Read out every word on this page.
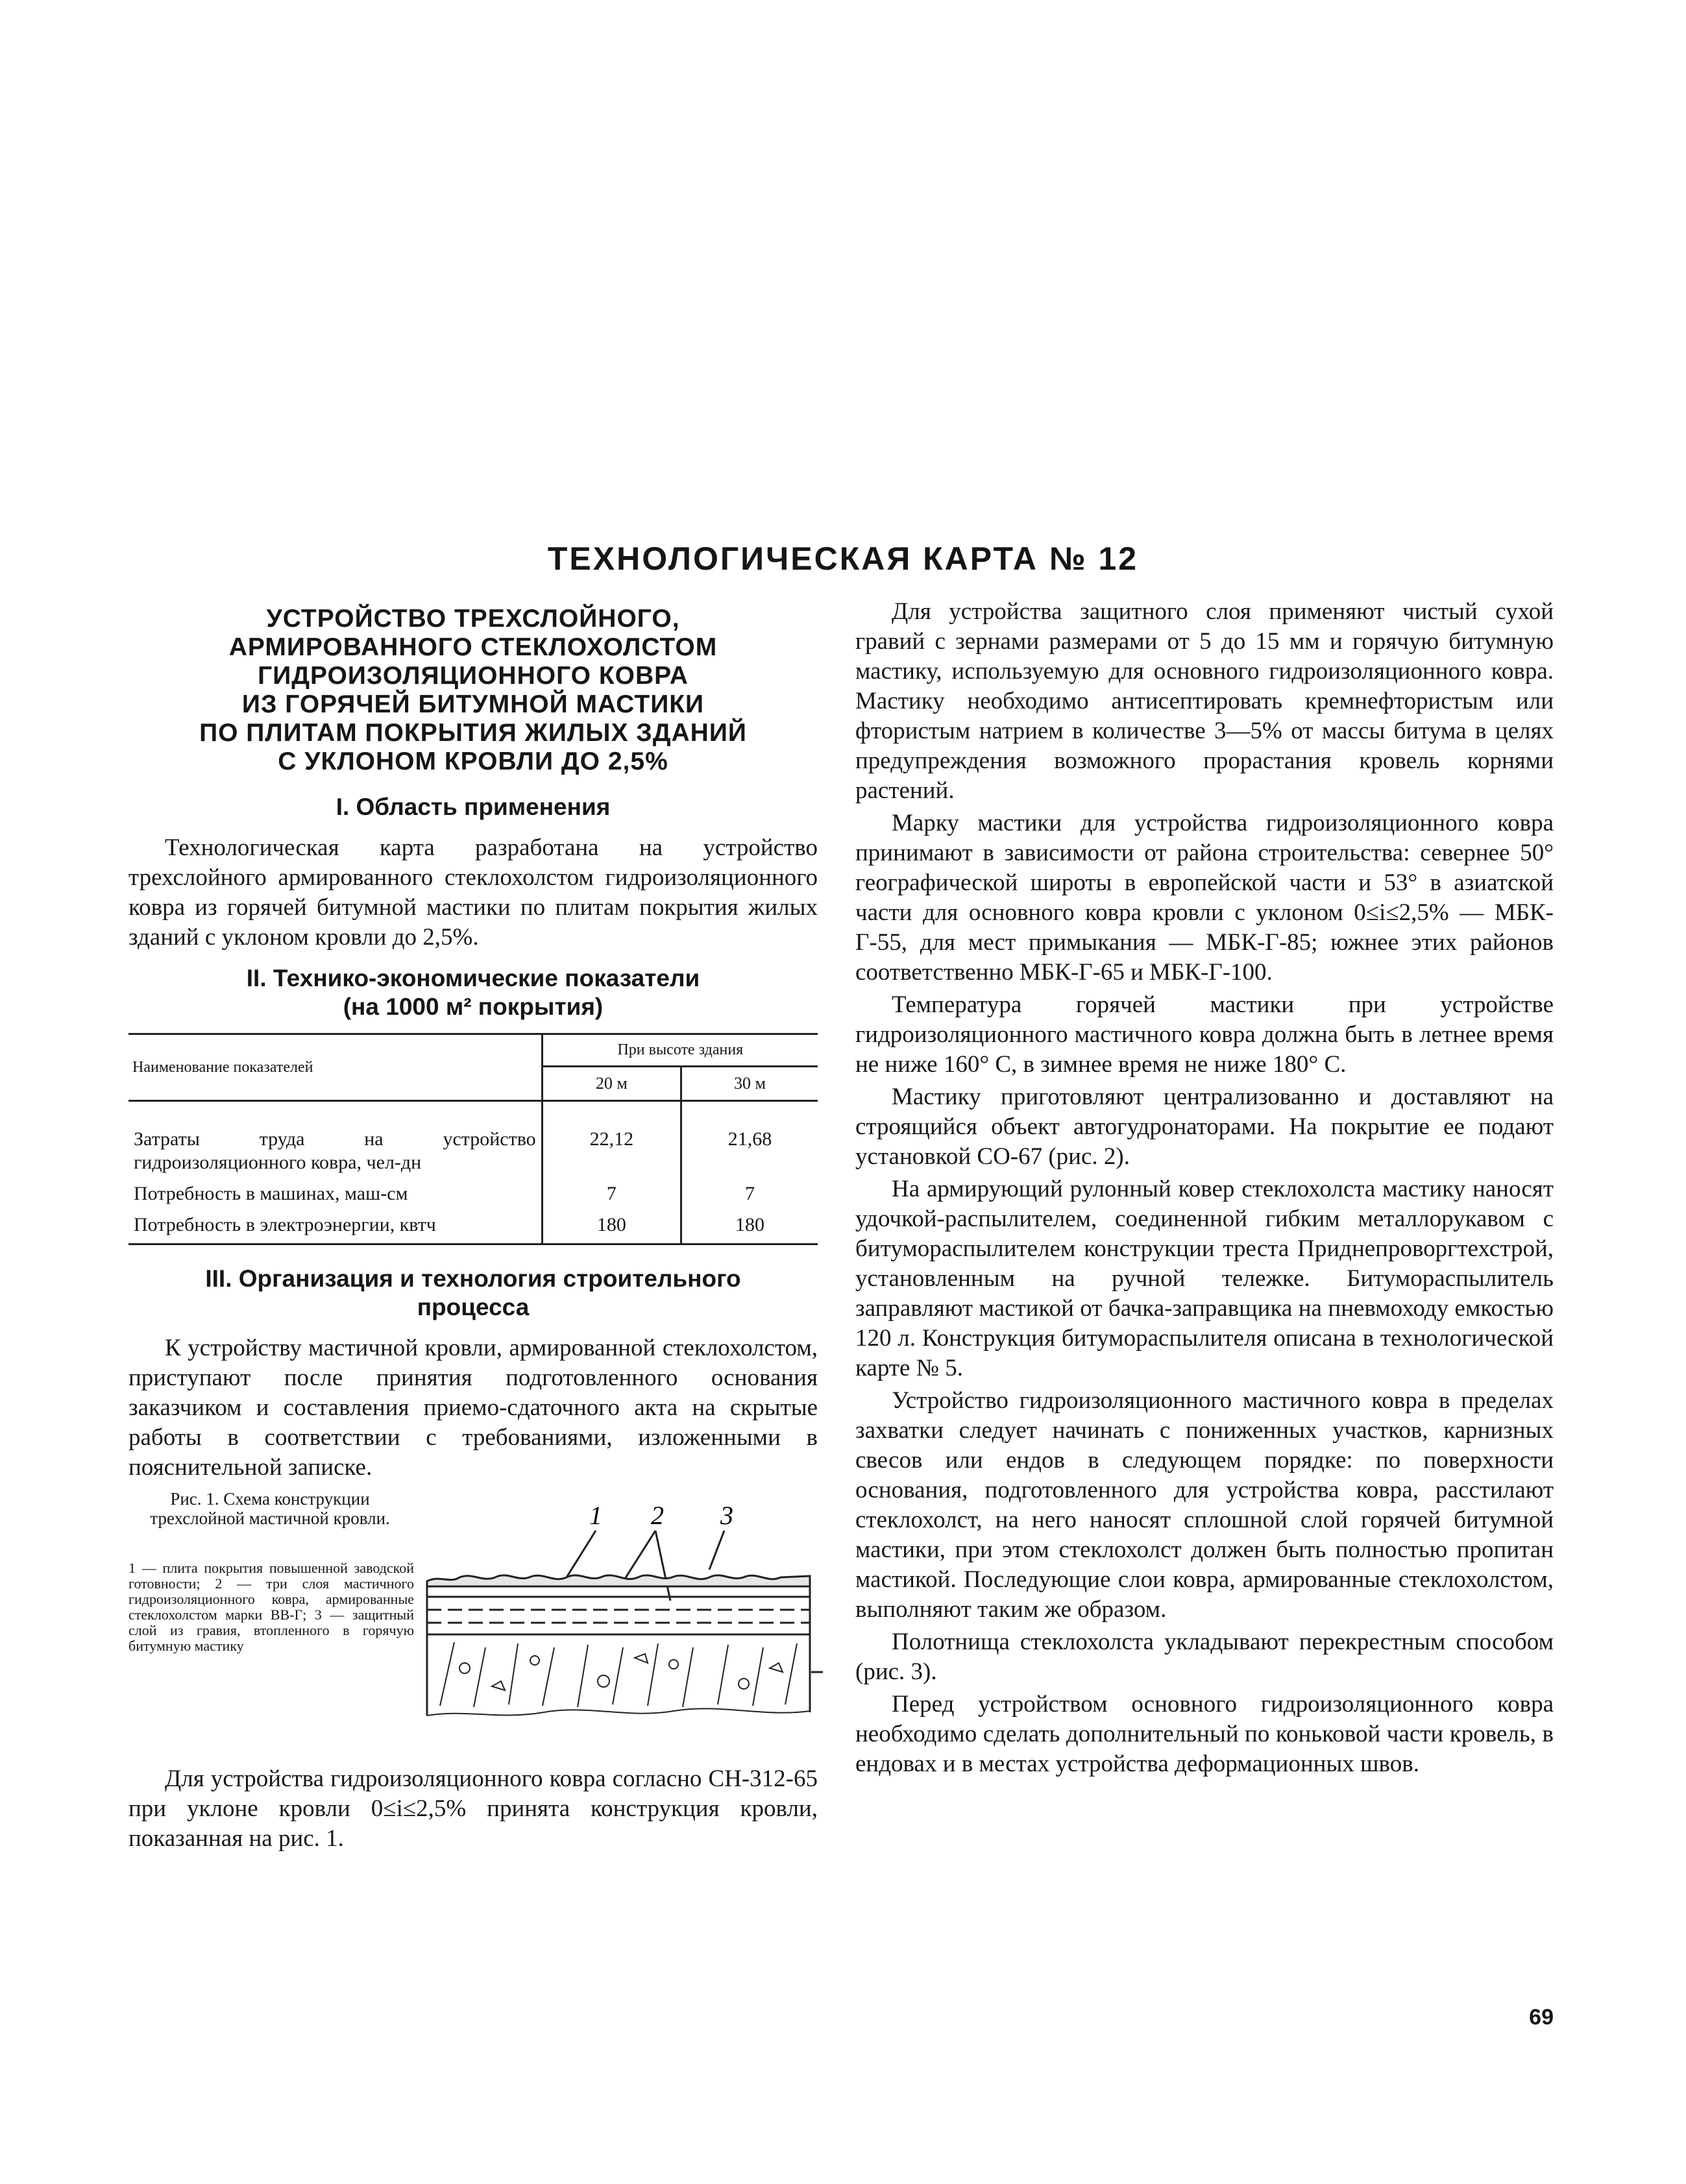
ТЕХНОЛОГИЧЕСКАЯ КАРТА № 12
УСТРОЙСТВО ТРЕХСЛОЙНОГО,
АРМИРОВАННОГО СТЕКЛОХОЛСТОМ
ГИДРОИЗОЛЯЦИОННОГО КОВРА
ИЗ ГОРЯЧЕЙ БИТУМНОЙ МАСТИКИ
ПО ПЛИТАМ ПОКРЫТИЯ ЖИЛЫХ ЗДАНИЙ
С УКЛОНОМ КРОВЛИ ДО 2,5%
I. Область применения

Технологическая карта разработана на устройство трехслойного армированного стеклохолстом гидроизоляционного ковра из горячей битумной мастики по плитам покрытия жилых зданий с уклоном кровли до 2,5%.

II. Технико-экономические показатели
(на 1000 м² покрытия)
Наименование показателей	При высоте здания	
	20 м	30 м

Затраты труда на устройство гидроизоляционного ковра, чел-дн	22,12	21,68
Потребность в машинах, маш-см	7	7
Потребность в электроэнергии, квтч	180	180
III. Организация и технология строительного
процесса

К устройству мастичной кровли, армированной стеклохолстом, приступают после принятия подготовленного основания заказчиком и составления приемо-сдаточного акта на скрытые работы в соответствии с требованиями, изложенными в пояснительной записке.

Рис. 1. Схема конструкции трехслойной мастичной кровли.
1 — плита покрытия повышенной заводской готовности; 2 — три слоя мастичного гидроизоляционного ковра, армированные стеклохолстом марки ВВ-Г; 3 — защитный слой из гравия, втопленного в горячую битумную мастику
1 2 3

Для устройства гидроизоляционного ковра согласно СН-312-65 при уклоне кровли 0≤i≤2,5% принята конструкция кровли, показанная на рис. 1.

Для устройства защитного слоя применяют чистый сухой гравий с зернами размерами от 5 до 15 мм и горячую битумную мастику, используемую для основного гидроизоляционного ковра. Мастику необходимо антисептировать кремнефтористым или фтористым натрием в количестве 3—5% от массы битума в целях предупреждения возможного прорастания кровель корнями растений.

Марку мастики для устройства гидроизоляционного ковра принимают в зависимости от района строительства: севернее 50° географической широты в европейской части и 53° в азиатской части для основного ковра кровли с уклоном 0≤i≤2,5% — МБК-Г-55, для мест примыкания — МБК-Г-85; южнее этих районов соответственно МБК-Г-65 и МБК-Г-100.

Температура горячей мастики при устройстве гидроизоляционного мастичного ковра должна быть в летнее время не ниже 160° С, в зимнее время не ниже 180° С.

Мастику приготовляют централизованно и доставляют на строящийся объект автогудронаторами. На покрытие ее подают установкой СО-67 (рис. 2).

На армирующий рулонный ковер стеклохолста мастику наносят удочкой-распылителем, соединенной гибким металлорукавом с битумораспылителем конструкции треста Приднепроворгтехстрой, установленным на ручной тележке. Битумораспылитель заправляют мастикой от бачка-заправщика на пневмоходу емкостью 120 л. Конструкция битумораспылителя описана в технологической карте № 5.

Устройство гидроизоляционного мастичного ковра в пределах захватки следует начинать с пониженных участков, карнизных свесов или ендов в следующем порядке: по поверхности основания, подготовленного для устройства ковра, расстилают стеклохолст, на него наносят сплошной слой горячей битумной мастики, при этом стеклохолст должен быть полностью пропитан мастикой. Последующие слои ковра, армированные стеклохолстом, выполняют таким же образом.

Полотнища стеклохолста укладывают перекрестным способом (рис. 3).

Перед устройством основного гидроизоляционного ковра необходимо сделать дополнительный по коньковой части кровель, в ендовах и в местах устройства деформационных швов.

69
